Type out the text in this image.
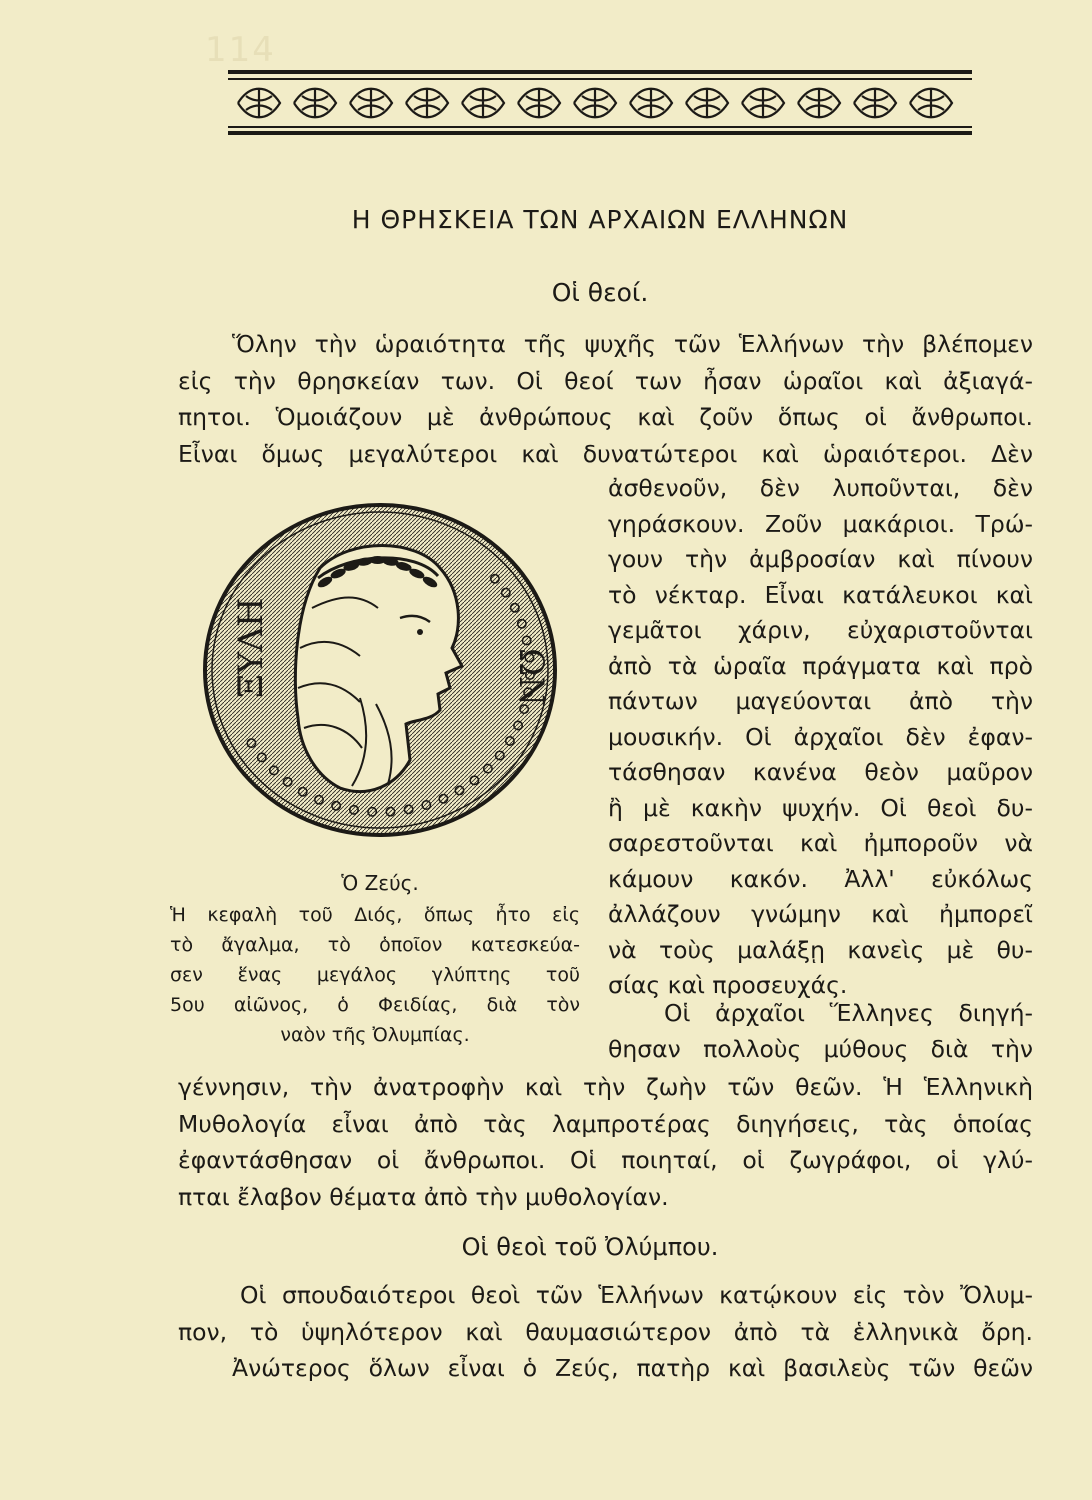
114
Η ΘΡΗΣΚΕΙΑ ΤΩΝ ΑΡΧΑΙΩΝ ΕΛΛΗΝΩΝ
Οἱ θεοί.
Ὅλην τὴν ὡραιότητα τῆς ψυχῆς τῶν Ἑλλήνων τὴν βλέπομεν
εἰς τὴν θρησκείαν των. Οἱ θεοί των ἦσαν ὡραῖοι καὶ ἀξιαγά-
πητοι. Ὁμοιάζουν μὲ ἀνθρώπους καὶ ζοῦν ὅπως οἱ ἄνθρωποι.
Εἶναι ὅμως μεγαλύτεροι καὶ δυνατώτεροι καὶ ὡραιότεροι. Δὲν
ἀσθενοῦν, δὲν λυποῦνται, δὲν
γηράσκουν. Ζοῦν μακάριοι. Τρώ-
γουν τὴν ἀμβροσίαν καὶ πίνουν
τὸ νέκταρ. Εἶναι κατάλευκοι καὶ
γεμᾶτοι χάριν, εὐχαριστοῦνται
ἀπὸ τὰ ὡραῖα πράγματα καὶ πρὸ
πάντων μαγεύονται ἀπὸ τὴν
μουσικήν. Οἱ ἀρχαῖοι δὲν ἐφαν-
τάσθησαν κανένα θεὸν μαῦρον
ἢ μὲ κακὴν ψυχήν. Οἱ θεοὶ δυ-
σαρεστοῦνται καὶ ἠμποροῦν νὰ
κάμουν κακόν. Ἀλλ' εὐκόλως
ἀλλάζουν γνώμην καὶ ἠμπορεῖ
νὰ τοὺς μαλάξῃ κανεὶς μὲ θυ-
σίας καὶ προσευχάς.
Οἱ ἀρχαῖοι Ἕλληνες διηγή-
θησαν πολλοὺς μύθους διὰ τὴν
γέννησιν, τὴν ἀνατροφὴν καὶ τὴν ζωὴν τῶν θεῶν. Ἡ Ἑλληνικὴ
Μυθολογία εἶναι ἀπὸ τὰς λαμπροτέρας διηγήσεις, τὰς ὁποίας
ἐφαντάσθησαν οἱ ἄνθρωποι. Οἱ ποιηταί, οἱ ζωγράφοι, οἱ γλύ-
πται ἔλαβον θέματα ἀπὸ τὴν μυθολογίαν.
ΞΥΛΗ	ΩΝ
Ὁ Ζεύς.
Ἡ κεφαλὴ τοῦ Διός, ὅπως ἦτο εἰς
τὸ ἄγαλμα, τὸ ὁποῖον κατεσκεύα-
σεν ἕνας μεγάλος γλύπτης τοῦ
5ου αἰῶνος, ὁ Φειδίας, διὰ τὸν
ναὸν τῆς Ὀλυμπίας.
Οἱ θεοὶ τοῦ Ὀλύμπου.
Οἱ σπουδαιότεροι θεοὶ τῶν Ἑλλήνων κατῴκουν εἰς τὸν Ὄλυμ-
πον, τὸ ὑψηλότερον καὶ θαυμασιώτερον ἀπὸ τὰ ἑλληνικὰ ὄρη.
Ἀνώτερος ὅλων εἶναι ὁ Ζεύς, πατὴρ καὶ βασιλεὺς τῶν θεῶν
